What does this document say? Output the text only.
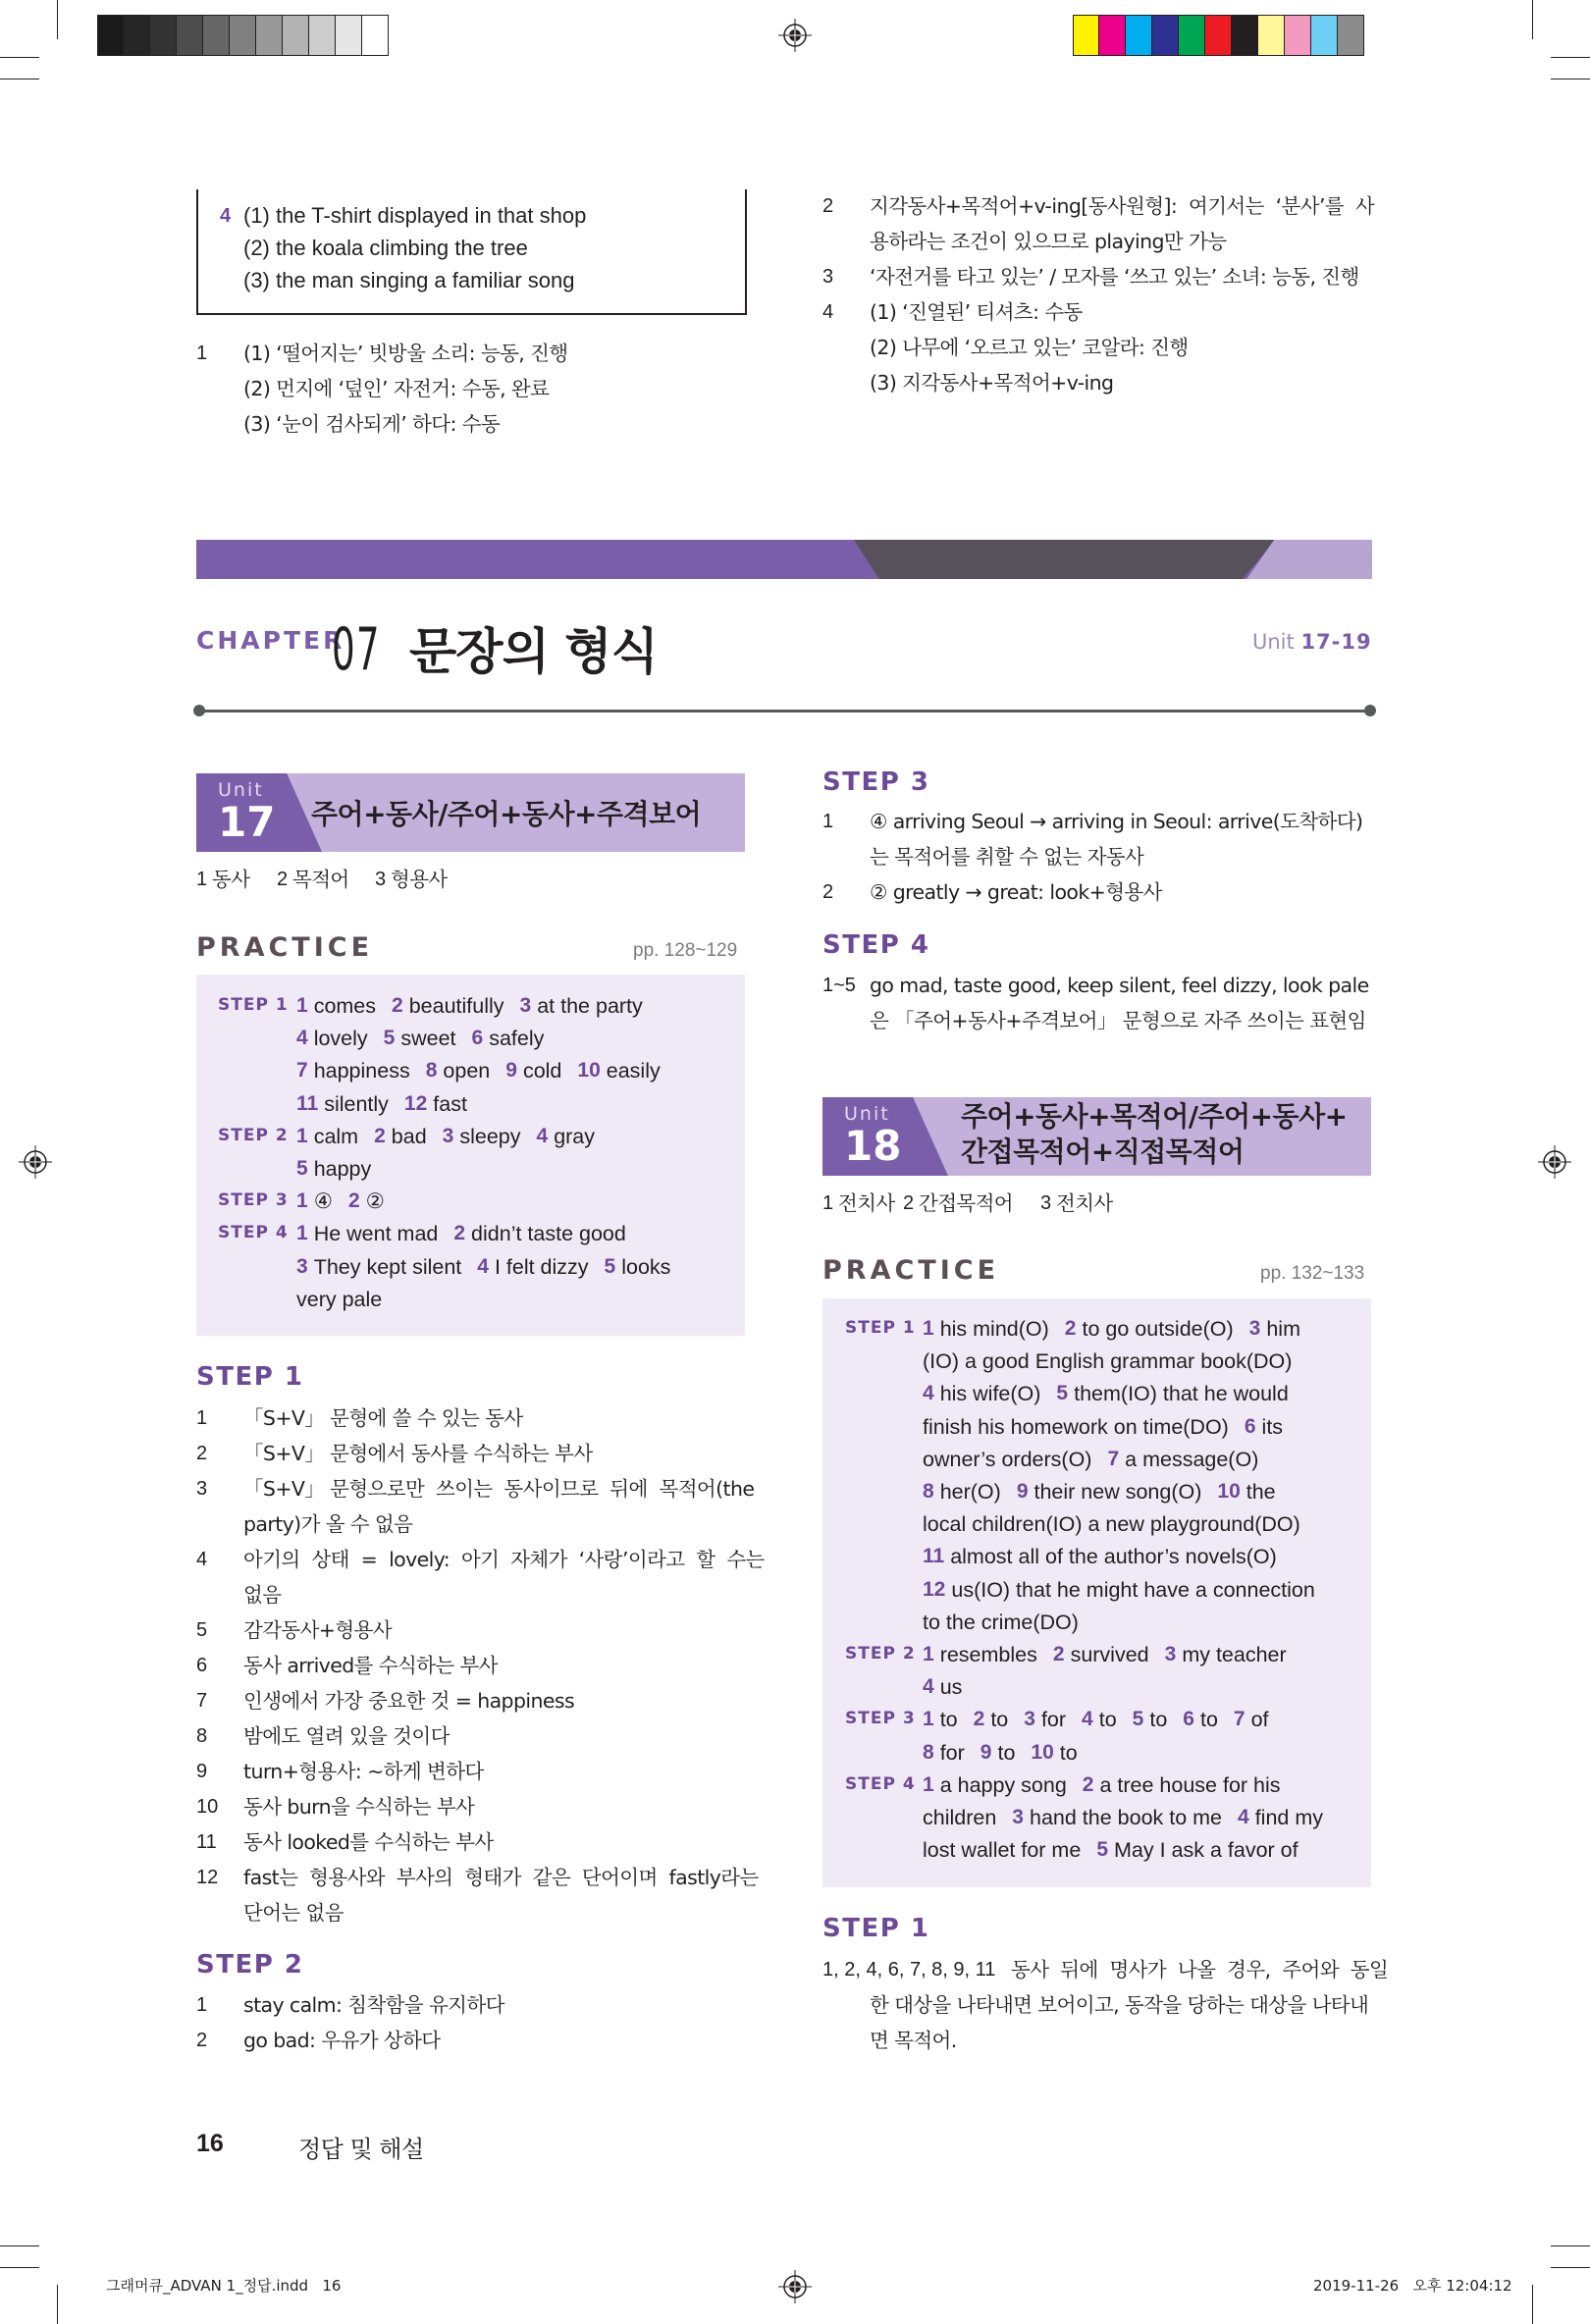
4 (1) the T-shirt displayed in that shop
(2) the koala climbing the tree
(3) the man singing a familiar song
1 (1) ‘떨어지는’ 빗방울 소리: 능동, 진행
(2) 먼지에 ‘덮인’ 자전거: 수동, 완료
(3) ‘눈이 검사되게’ 하다: 수동
2 지각동사+목적어+v-ing[동사원형]:  여기서는  ‘분사’를  사
용하라는 조건이 있으므로 playing만 가능
3 ‘자전거를 타고 있는’ / 모자를 ‘쓰고 있는’ 소녀: 능동, 진행
4 (1) ‘진열된’ 티셔츠: 수동
(2) 나무에 ‘오르고 있는’ 코알라: 진행
(3) 지각동사+목적어+v-ing
CHAPTER
07 문장의 형식	Unit 17-19
Unit
17 주어+동사/주어+동사+주격보어
1 동사 2 목적어 3 형용사
PRACTICE	pp. 128~129
STEP 1 1 comes 2 beautifully 3 at the party
4 lovely 5 sweet 6 safely
7 happiness 8 open 9 cold 10 easily
11 silently 12 fast
STEP 2 1 calm 2 bad 3 sleepy 4 gray
5 happy
STEP 3 1 ④ 2 ②
STEP 4 1 He went mad 2 didn’t taste good
3 They kept silent 4 I felt dizzy 5 looks
very pale
STEP 1
1 「S+V」 문형에 쓸 수 있는 동사
2 「S+V」 문형에서 동사를 수식하는 부사
3 「S+V」 문형으로만  쓰이는  동사이므로  뒤에  목적어(the
party)가 올 수 없음
4 아기의  상태  =  lovely:  아기  자체가  ‘사랑’이라고  할  수는
없음
5 감각동사+형용사
6 동사 arrived를 수식하는 부사
7 인생에서 가장 중요한 것 = happiness
8 밤에도 열려 있을 것이다
9 turn+형용사: ~하게 변하다
10 동사 burn을 수식하는 부사
11 동사 looked를 수식하는 부사
12 fast는  형용사와  부사의  형태가  같은  단어이며  fastly라는
단어는 없음
STEP 2
1 stay calm: 침착함을 유지하다
2 go bad: 우유가 상하다
STEP 3
1 ④ arriving Seoul → arriving in Seoul: arrive(도착하다)
는 목적어를 취할 수 없는 자동사
2 ② greatly → great: look+형용사
STEP 4
1~5 go mad, taste good, keep silent, feel dizzy, look pale
은 「주어+동사+주격보어」 문형으로 자주 쓰이는 표현임
Unit
18
주어+동사+목적어/주어+동사+
간접목적어+직접목적어
1 전치사 2 간접목적어 3 전치사
PRACTICE	pp. 132~133
STEP 1 1 his mind(O) 2 to go outside(O) 3 him
(IO) a good English grammar book(DO)
4 his wife(O) 5 them(IO) that he would
finish his homework on time(DO) 6 its
owner’s orders(O) 7 a message(O)
8 her(O) 9 their new song(O) 10 the
local children(IO) a new playground(DO)
11 almost all of the author’s novels(O)
12 us(IO) that he might have a connection
to the crime(DO)
STEP 2 1 resembles 2 survived 3 my teacher
4 us
STEP 3 1 to 2 to 3 for 4 to 5 to 6 to 7 of
8 for 9 to 10 to
STEP 4 1 a happy song 2 a tree house for his
children 3 hand the book to me 4 find my
lost wallet for me 5 May I ask a favor of
STEP 1
1, 2, 4, 6, 7, 8, 9, 11 동사  뒤에  명사가  나올  경우,  주어와  동일
한 대상을 나타내면 보어이고, 동작을 당하는 대상을 나타내
면 목적어.
16	정답 및 해설
그래머큐_ADVAN 1_정답.indd   16	2019-11-26   오후 12:04:12
